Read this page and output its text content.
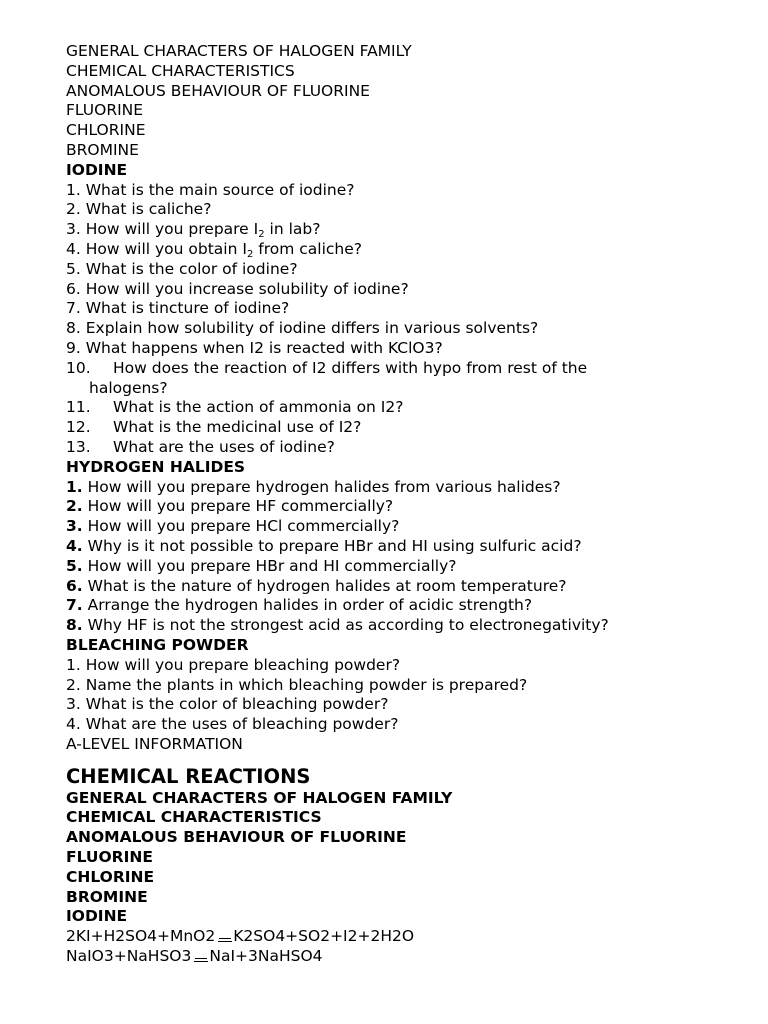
GENERAL CHARACTERS OF HALOGEN FAMILY
CHEMICAL CHARACTERISTICS
ANOMALOUS BEHAVIOUR OF FLUORINE
FLUORINE
CHLORINE
BROMINE
IODINE
1. What is the main source of iodine?
2. What is caliche?
3. How will you prepare $I_2$ in lab?
4. How will you obtain $I_2$ from caliche?
5. What is the color of iodine?
6. How will you increase solubility of iodine?
7. What is tincture of iodine?
8. Explain how solubility of iodine differs in various solvents?
9. What happens when I2 is reacted with KClO3?
10. How does the reaction of I2 differs with hypo from rest of the
halogens?
11. What is the action of ammonia on I2?
12. What is the medicinal use of I2?
13. What are the uses of iodine?
HYDROGEN HALIDES
1. How will you prepare hydrogen halides from various halides?
2. How will you prepare HF commercially?
3. How will you prepare HCl commercially?
4. Why is it not possible to prepare HBr and HI using sulfuric acid?
5. How will you prepare HBr and HI commercially?
6. What is the nature of hydrogen halides at room temperature?
7. Arrange the hydrogen halides in order of acidic strength?
8. Why HF is not the strongest acid as according to electronegativity?
BLEACHING POWDER
1. How will you prepare bleaching powder?
2. Name the plants in which bleaching powder is prepared?
3. What is the color of bleaching powder?
4. What are the uses of bleaching powder?
A-LEVEL INFORMATION
CHEMICAL REACTIONS
GENERAL CHARACTERS OF HALOGEN FAMILY
CHEMICAL CHARACTERISTICS
ANOMALOUS BEHAVIOUR OF FLUORINE
FLUORINE
CHLORINE
BROMINE
IODINE
2KI+H2SO4+MnO2 K2SO4+SO2+I2+2H2O
NaIO3+NaHSO3 NaI+3NaHSO4
